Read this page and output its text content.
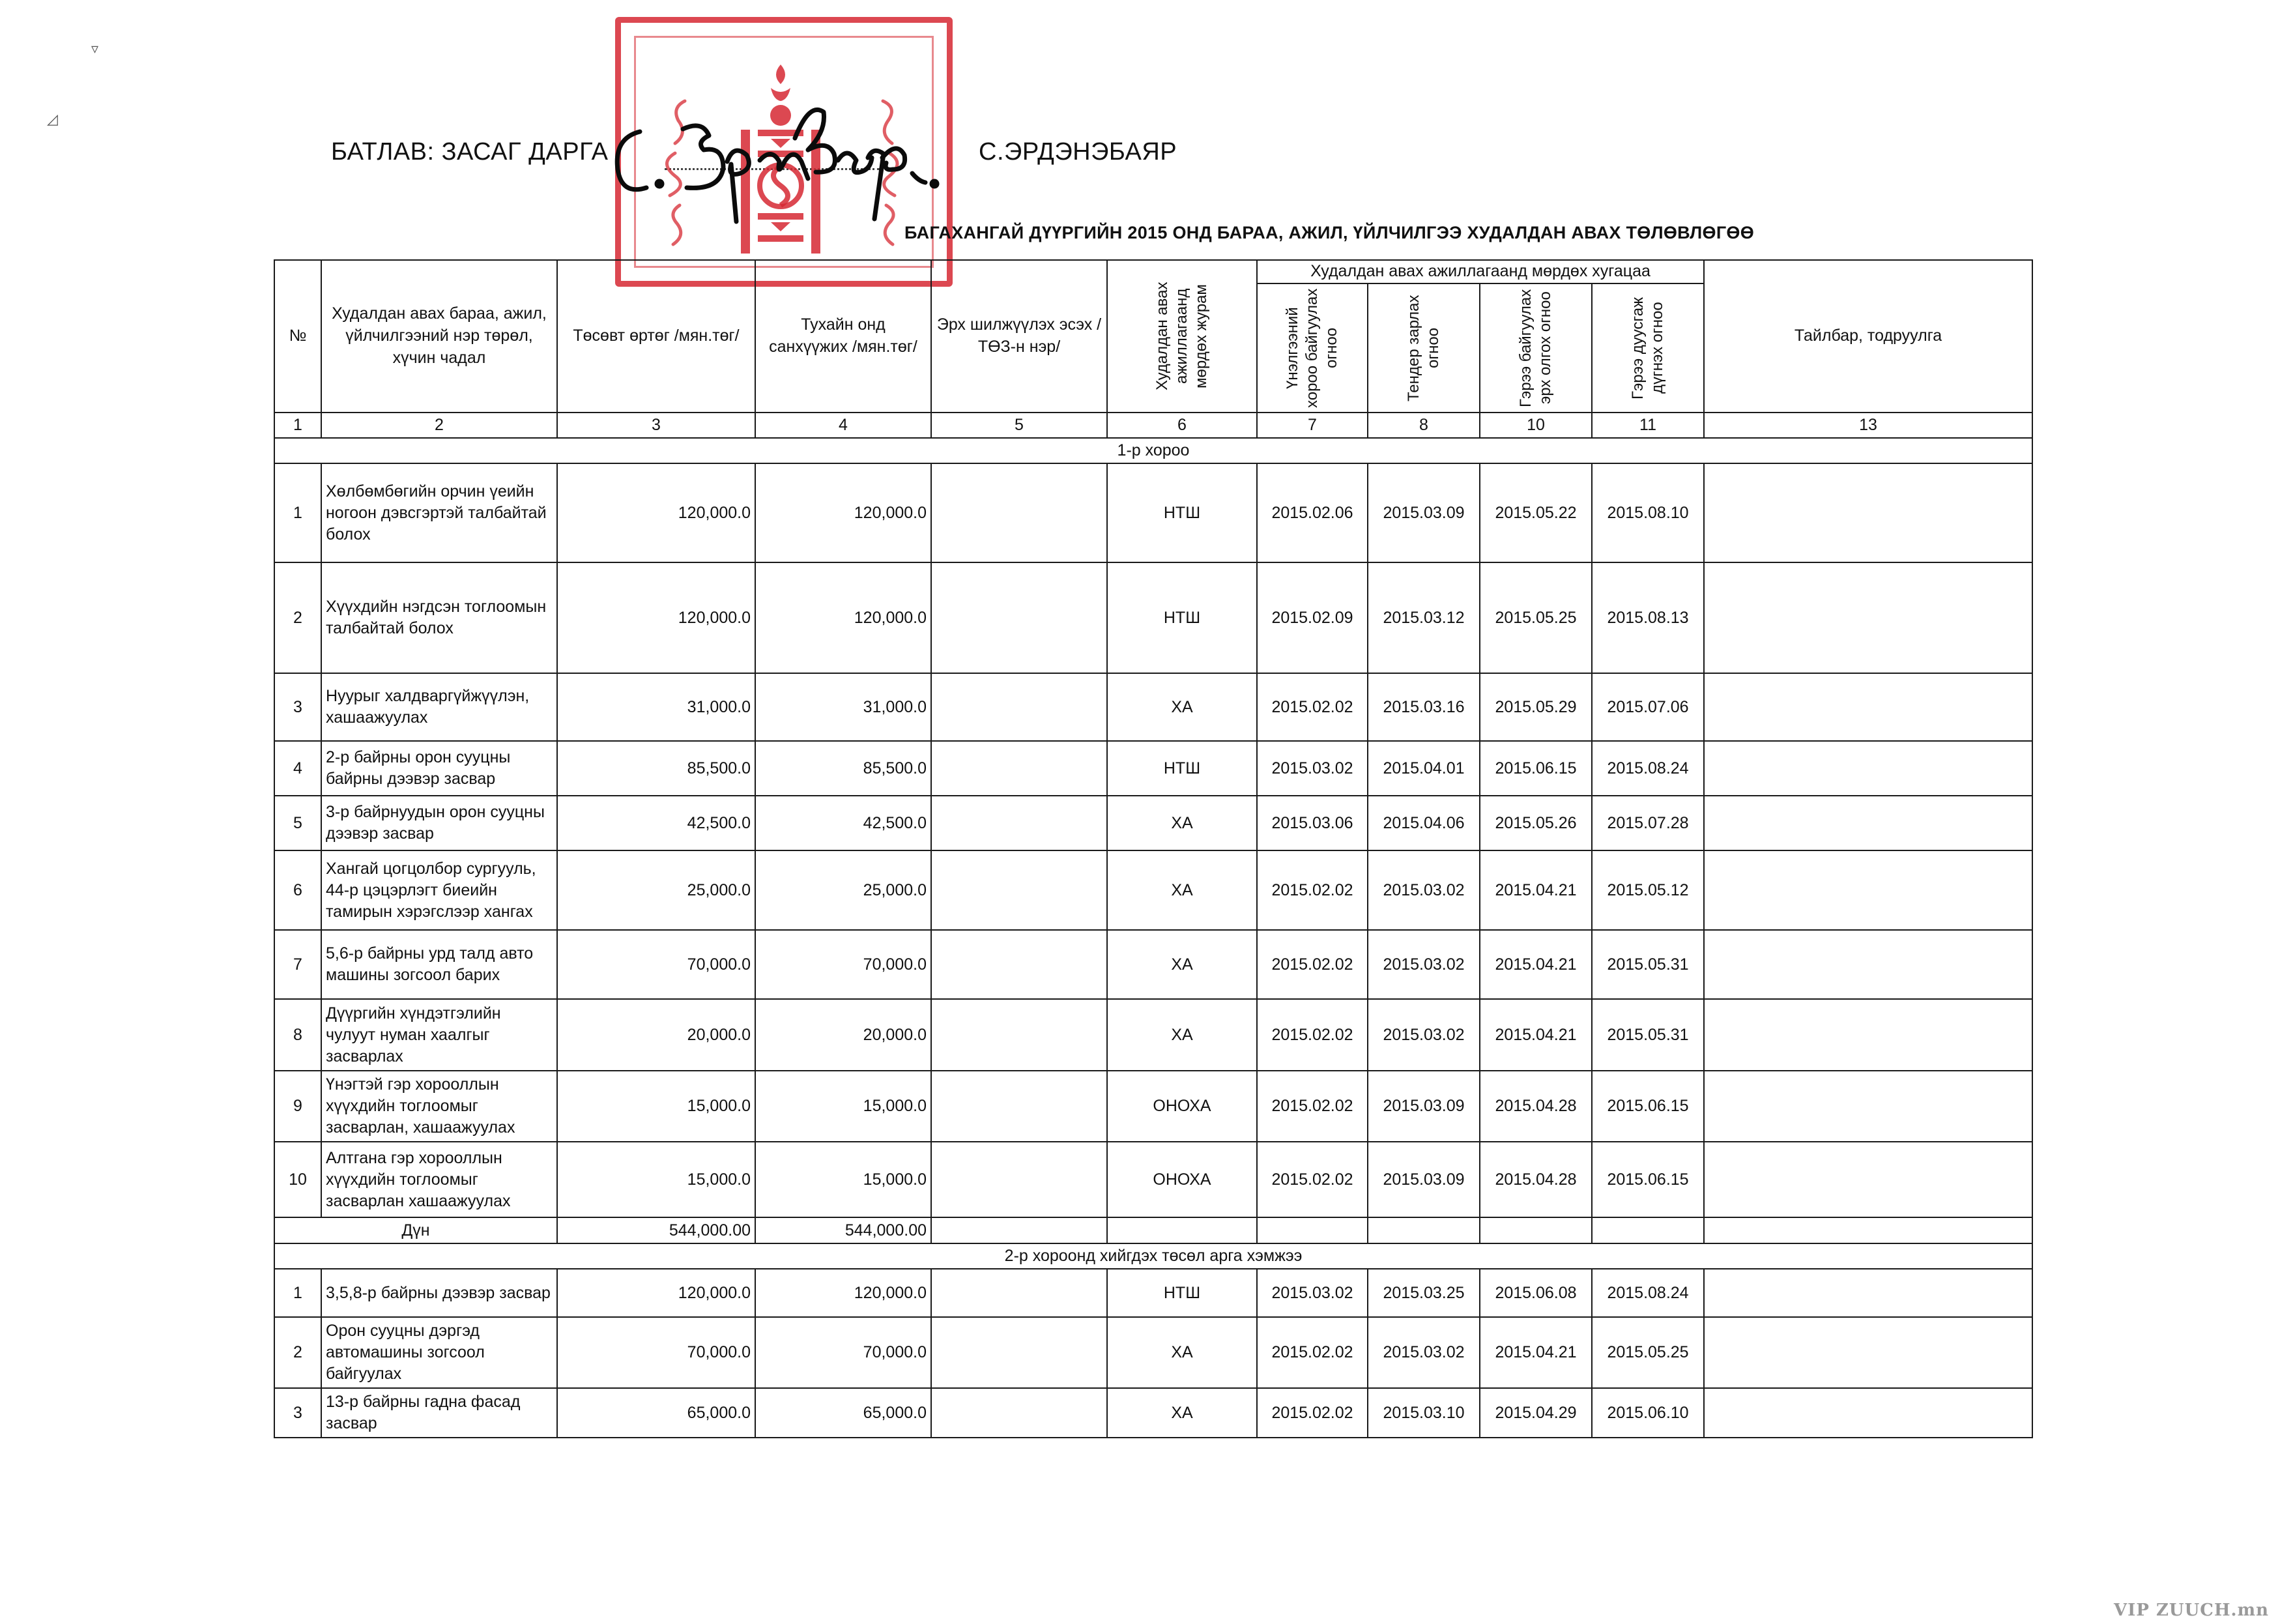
▿
◿
БАТЛАВ: ЗАСАГ ДАРГА	С.ЭРДЭНЭБАЯР
БАГАХАНГАЙ ДҮҮРГИЙН 2015 ОНД БАРАА, АЖИЛ, ҮЙЛЧИЛГЭЭ ХУДАЛДАН АВАХ ТӨЛӨВЛӨГӨӨ
№	Худалдан авах бараа, ажил, үйлчилгээний нэр төрөл, хүчин чадал	Төсөвт өртөг /мян.төг/	Тухайн онд санхүүжих /мян.төг/	Эрх шилжүүлэх эсэх /ТӨЗ-н нэр/	Худалдан авах ажиллагаанд мөрдөх журам	Худалдан авах ажиллагаанд мөрдөх хугацаа				Тайлбар, тодруулга

						Үнэлгээний хороо байгуулах огноо	Тендер зарлах огноо	Гэрээ байгуулах эрх олгох огноо	Гэрээ дуусгаж дүгнэх огноо	

1	2	3	4	5	6	7	8	10	11	13
1-р хороо										
1	Хөлбөмбөгийн орчин үеийн ногоон дэвсгэртэй талбайтай болох	120,000.0	120,000.0		НТШ	2015.02.06	2015.03.09	2015.05.22	2015.08.10	
2	Хүүхдийн нэгдсэн тоглоомын талбайтай болох	120,000.0	120,000.0		НТШ	2015.02.09	2015.03.12	2015.05.25	2015.08.13	
3	Нуурыг халдваргүйжүүлэн, хашаажуулах	31,000.0	31,000.0		ХА	2015.02.02	2015.03.16	2015.05.29	2015.07.06	
4	2-р байрны орон сууцны байрны дээвэр засвар	85,500.0	85,500.0		НТШ	2015.03.02	2015.04.01	2015.06.15	2015.08.24	
5	3-р байрнуудын орон сууцны дээвэр засвар	42,500.0	42,500.0		ХА	2015.03.06	2015.04.06	2015.05.26	2015.07.28	
6	Хангай цогцолбор сургууль, 44-р цэцэрлэгт биеийн тамирын хэрэгслээр хангах	25,000.0	25,000.0		ХА	2015.02.02	2015.03.02	2015.04.21	2015.05.12	
7	5,6-р байрны урд талд авто машины зогсоол барих	70,000.0	70,000.0		ХА	2015.02.02	2015.03.02	2015.04.21	2015.05.31	
8	Дүүргийн хүндэтгэлийн чулуут нуман хаалгыг засварлах	20,000.0	20,000.0		ХА	2015.02.02	2015.03.02	2015.04.21	2015.05.31	
9	Үнэгтэй гэр хорооллын хүүхдийн тоглоомыг засварлан, хашаажуулах	15,000.0	15,000.0		ОНОХА	2015.02.02	2015.03.09	2015.04.28	2015.06.15	
10	Алтгана гэр хорооллын хүүхдийн тоглоомыг засварлан хашаажуулах	15,000.0	15,000.0		ОНОХА	2015.02.02	2015.03.09	2015.04.28	2015.06.15	
Дүн		544,000.00	544,000.00							
2-р хороонд хийгдэх төсөл арга хэмжээ										
1	3,5,8-р байрны дээвэр засвар	120,000.0	120,000.0		НТШ	2015.03.02	2015.03.25	2015.06.08	2015.08.24	
2	Орон сууцны дэргэд автомашины зогсоол байгуулах	70,000.0	70,000.0		ХА	2015.02.02	2015.03.02	2015.04.21	2015.05.25	
3	13-р байрны гадна фасад засвар	65,000.0	65,000.0		ХА	2015.02.02	2015.03.10	2015.04.29	2015.06.10	
VIP ZUUCH.mn
